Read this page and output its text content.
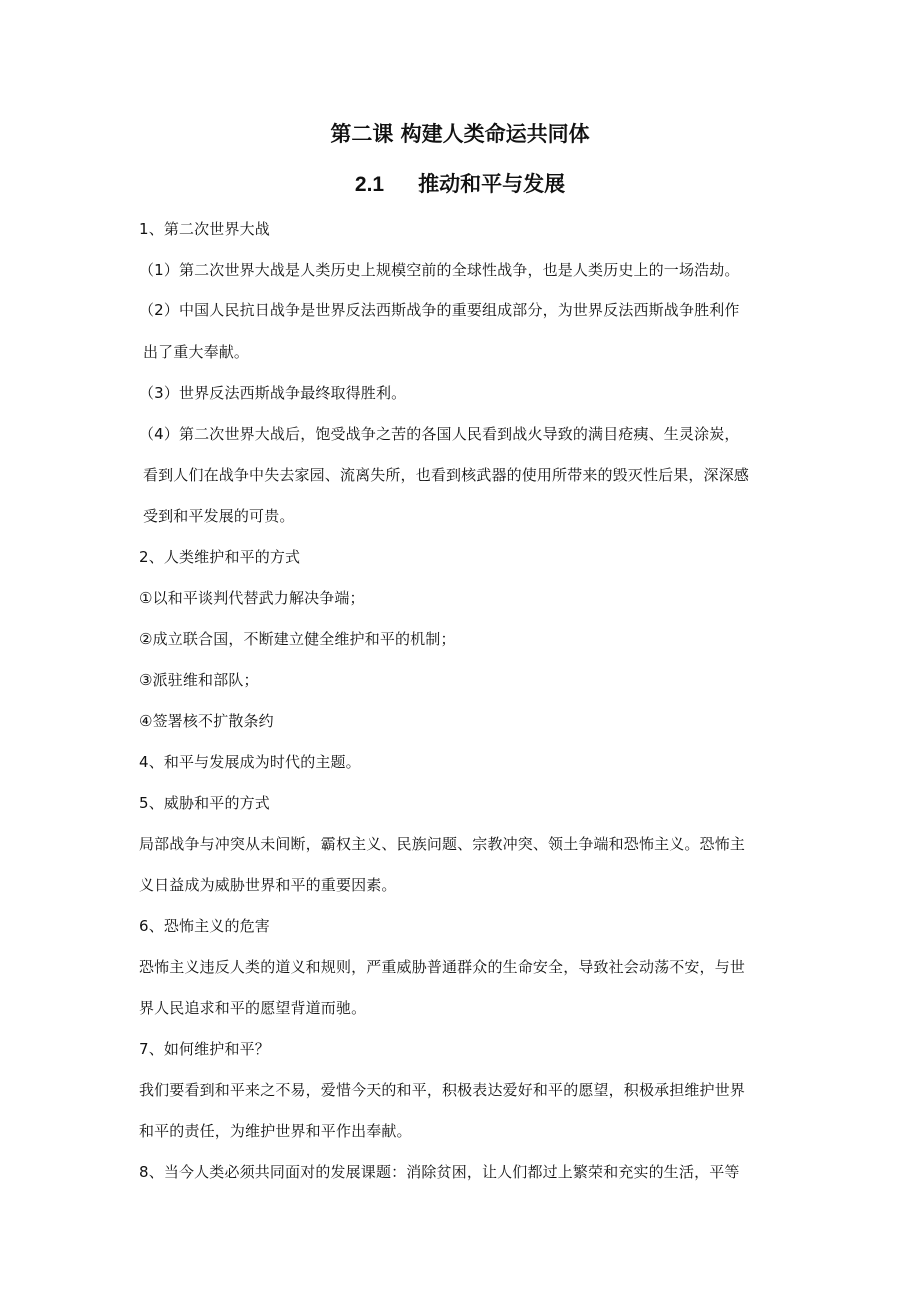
第二课 构建人类命运共同体
2.1 推动和平与发展

1、第二次世界大战

（1）第二次世界大战是人类历史上规模空前的全球性战争，也是人类历史上的一场浩劫。

（2）中国人民抗日战争是世界反法西斯战争的重要组成部分，为世界反法西斯战争胜利作

出了重大奉献。

（3）世界反法西斯战争最终取得胜利。

（4）第二次世界大战后，饱受战争之苦的各国人民看到战火导致的满目疮痍、生灵涂炭，

看到人们在战争中失去家园、流离失所，也看到核武器的使用所带来的毁灭性后果，深深感

受到和平发展的可贵。

2、人类维护和平的方式

①以和平谈判代替武力解决争端；

②成立联合国，不断建立健全维护和平的机制；

③派驻维和部队；

④签署核不扩散条约

4、和平与发展成为时代的主题。

5、威胁和平的方式

局部战争与冲突从未间断，霸权主义、民族问题、宗教冲突、领土争端和恐怖主义。恐怖主

义日益成为威胁世界和平的重要因素。

6、恐怖主义的危害

恐怖主义违反人类的道义和规则，严重威胁普通群众的生命安全，导致社会动荡不安，与世

界人民追求和平的愿望背道而驰。

7、如何维护和平？

我们要看到和平来之不易，爱惜今天的和平，积极表达爱好和平的愿望，积极承担维护世界

和平的责任，为维护世界和平作出奉献。

8、当今人类必须共同面对的发展课题：消除贫困，让人们都过上繁荣和充实的生活，平等
